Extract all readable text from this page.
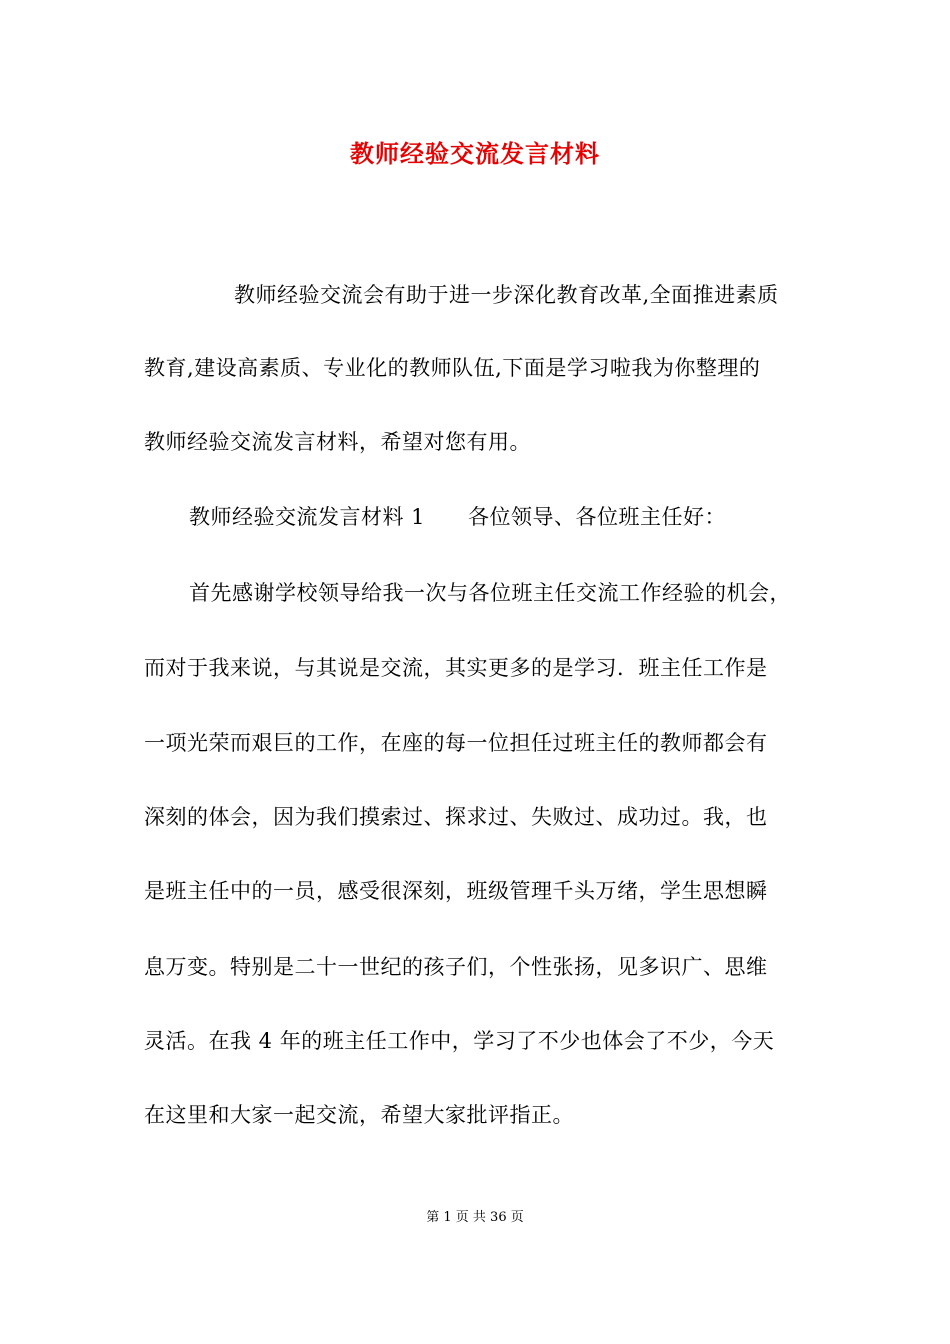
教师经验交流发言材料
教师经验交流会有助于进一步深化教育改革,全面推进素质
教育,建设高素质、专业化的教师队伍,下面是学习啦我为你整理的
教师经验交流发言材料，希望对您有用。
教师经验交流发言材料 1　　各位领导、各位班主任好：
首先感谢学校领导给我一次与各位班主任交流工作经验的机会，
而对于我来说，与其说是交流，其实更多的是学习．班主任工作是
一项光荣而艰巨的工作，在座的每一位担任过班主任的教师都会有
深刻的体会，因为我们摸索过、探求过、失败过、成功过。我，也
是班主任中的一员，感受很深刻，班级管理千头万绪，学生思想瞬
息万变。特别是二十一世纪的孩子们，个性张扬，见多识广、思维
灵活。在我 4 年的班主任工作中，学习了不少也体会了不少，今天
在这里和大家一起交流，希望大家批评指正。
第 1 页 共 36 页
